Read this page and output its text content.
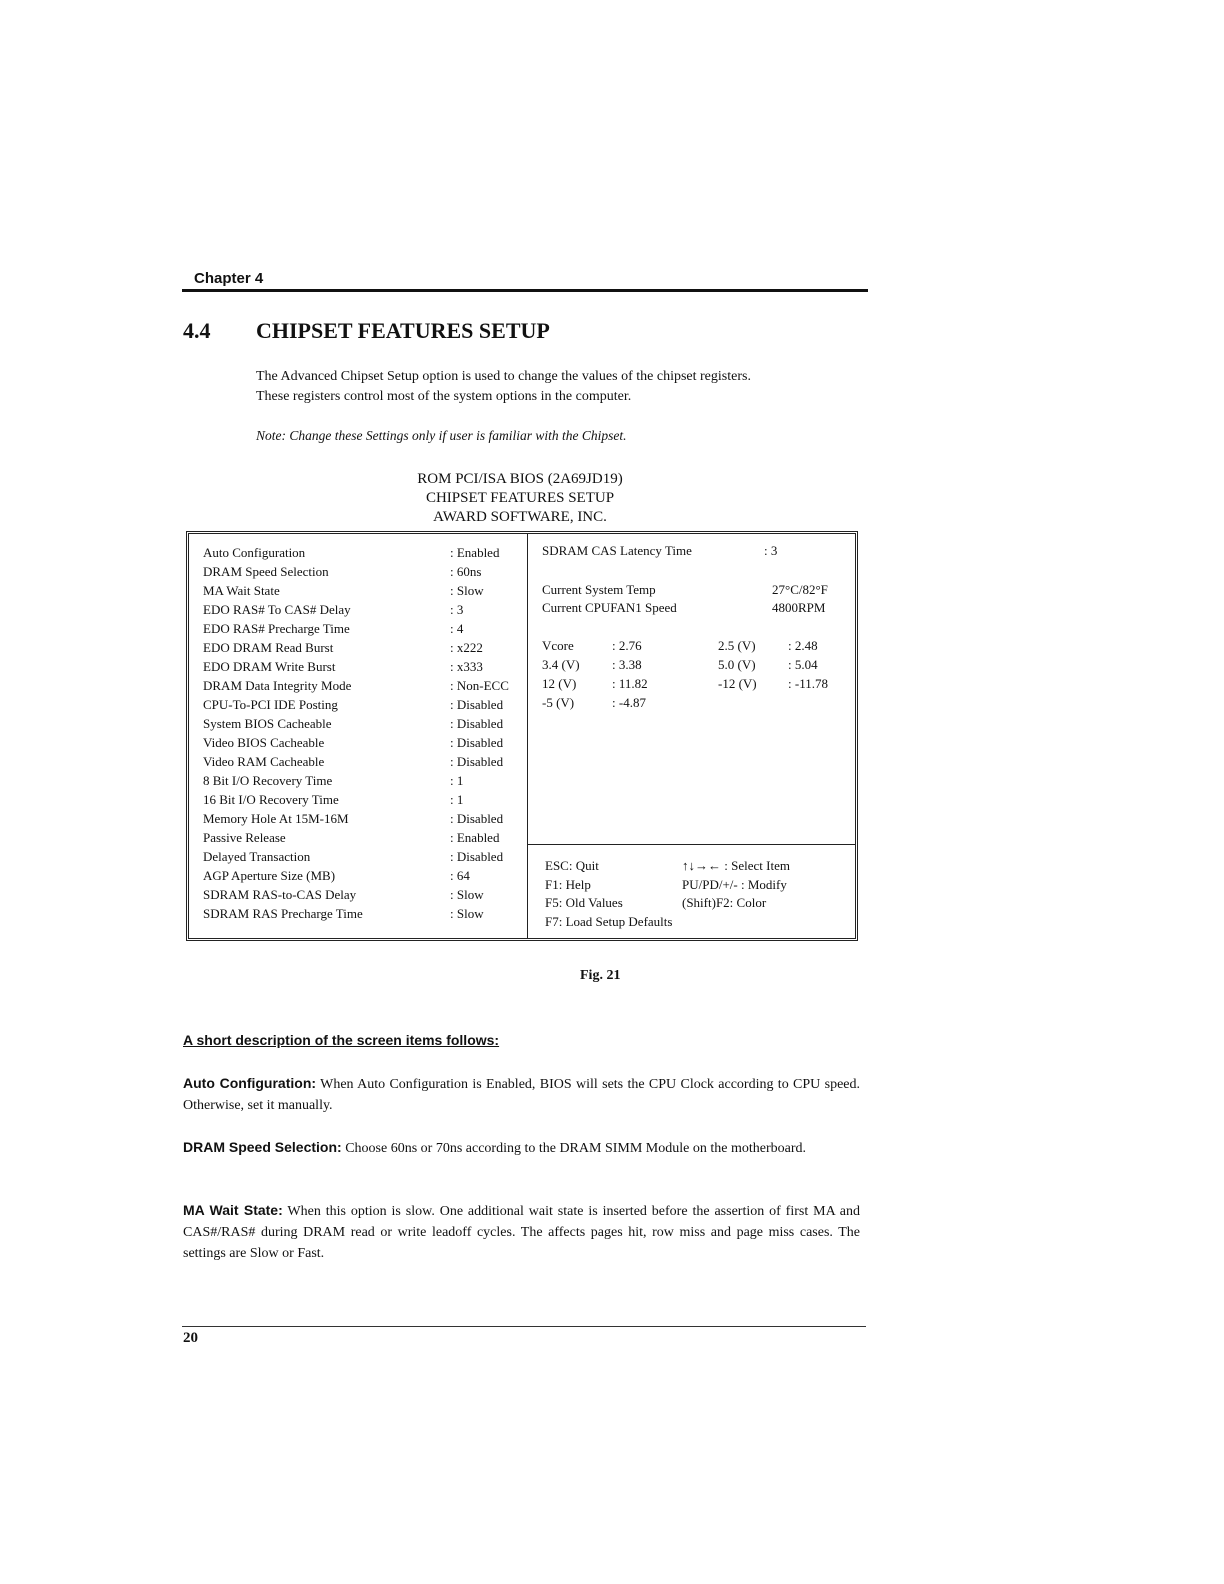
Chapter 4
4.4 CHIPSET FEATURES SETUP
The Advanced Chipset Setup option is used to change the values of the chipset registers.
These registers control most of the system options in the computer.
Note: Change these Settings only if user is familiar with the Chipset.
ROM PCI/ISA BIOS (2A69JD19)
CHIPSET FEATURES SETUP
AWARD SOFTWARE, INC.
Auto Configuration	: Enabled
DRAM Speed Selection	: 60ns
MA Wait State	: Slow
EDO RAS# To CAS# Delay	: 3
EDO RAS# Precharge Time	: 4
EDO DRAM Read Burst	: x222
EDO DRAM Write Burst	: x333
DRAM Data Integrity Mode	: Non-ECC
CPU-To-PCI IDE Posting	: Disabled
System BIOS Cacheable	: Disabled
Video BIOS Cacheable	: Disabled
Video RAM Cacheable	: Disabled
8 Bit I/O Recovery Time	: 1
16 Bit I/O Recovery Time	: 1
Memory Hole At 15M-16M	: Disabled
Passive Release	: Enabled
Delayed Transaction	: Disabled
AGP Aperture Size (MB)	: 64
SDRAM RAS-to-CAS Delay	: Slow
SDRAM RAS Precharge Time	: Slow
SDRAM CAS Latency Time	: 3
Current System Temp	27°C/82°F
Current CPUFAN1 Speed	4800RPM
Vcore	: 2.76	2.5 (V) : 2.48
3.4 (V) : 3.38	5.0 (V) : 5.04
12 (V)	: 11.82	-12 (V) : -11.78
-5 (V)	: -4.87
ESC: Quit	↑↓→← : Select Item
F1: Help	PU/PD/+/- : Modify
F5: Old Values	(Shift)F2: Color
F7: Load Setup Defaults
Fig. 21
A short description of the screen items follows:
Auto Configuration: When Auto Configuration is Enabled, BIOS will sets the CPU Clock according to CPU speed. Otherwise, set it manually.
DRAM Speed Selection: Choose 60ns or 70ns according to the DRAM SIMM Module on the motherboard.
MA Wait State: When this option is slow. One additional wait state is inserted before the assertion of first MA and CAS#/RAS# during DRAM read or write leadoff cycles. The affects pages hit, row miss and page miss cases. The settings are Slow or Fast.
20
